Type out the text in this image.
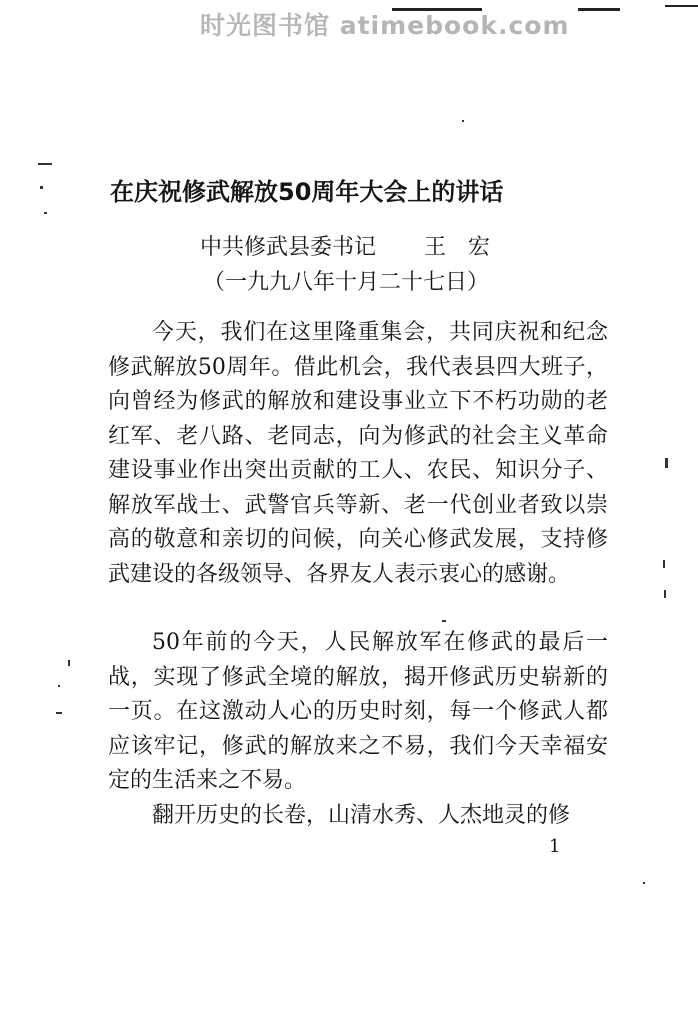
时光图书馆 atimebook.com
在庆祝修武解放50周年大会上的讲话
中共修武县委书记 王 宏
（一九九八年十月二十七日）

今天，我们在这里隆重集会，共同庆祝和纪念修武解放50周年。借此机会，我代表县四大班子，向曾经为修武的解放和建设事业立下不朽功勋的老红军、老八路、老同志，向为修武的社会主义革命建设事业作出突出贡献的工人、农民、知识分子、解放军战士、武警官兵等新、老一代创业者致以崇高的敬意和亲切的问候，向关心修武发展，支持修武建设的各级领导、各界友人表示衷心的感谢。

50年前的今天，人民解放军在修武的最后一战，实现了修武全境的解放，揭开修武历史崭新的一页。在这激动人心的历史时刻，每一个修武人都应该牢记，修武的解放来之不易，我们今天幸福安定的生活来之不易。

翻开历史的长卷，山清水秀、人杰地灵的修

1
